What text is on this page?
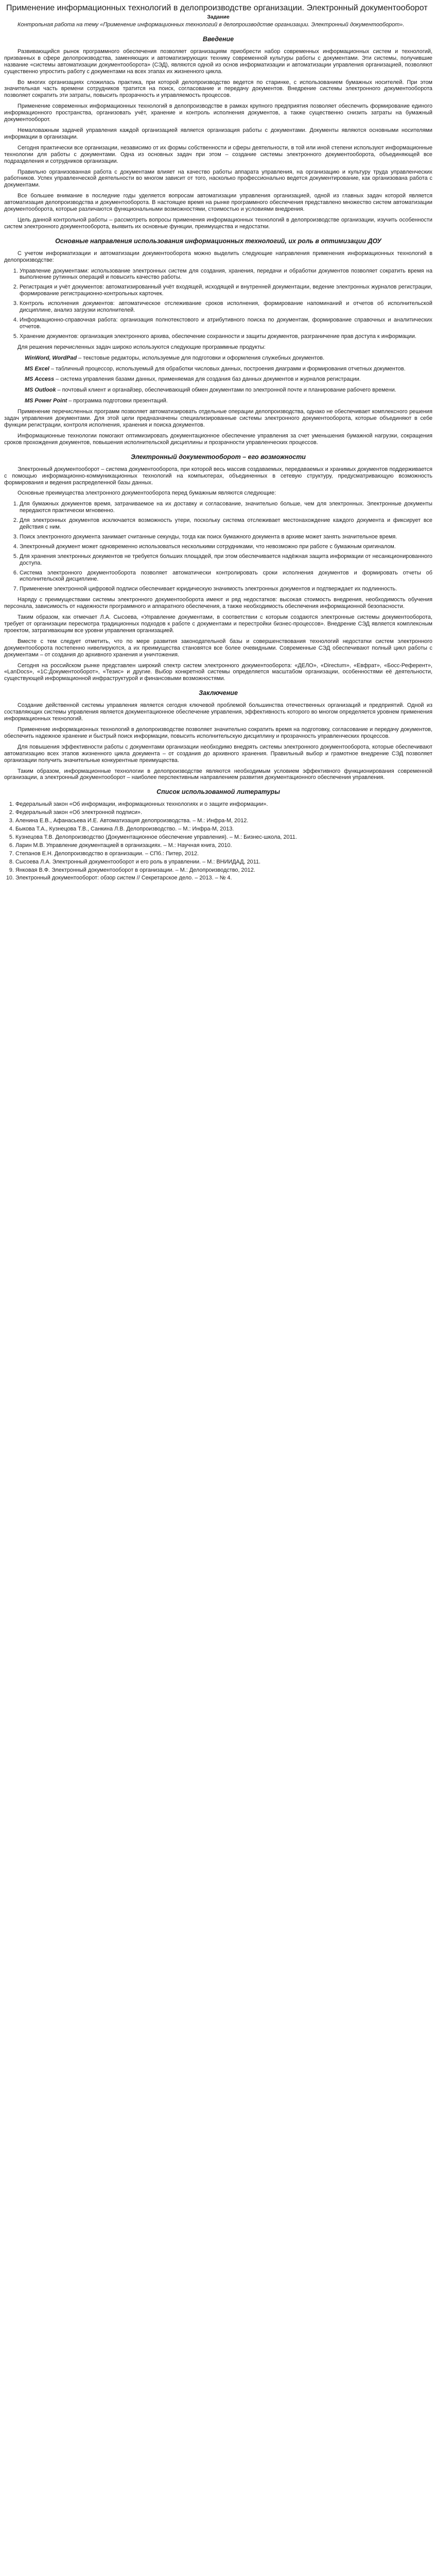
Применение информационных технологий в делопроизводстве организации. Электронный документооборот
Задание

Контрольная работа на тему «Применение информационных технологий в делопроизводстве организации. Электронный документооборот».

Введение

Развивающийся рынок программного обеспечения позволяет организациям приобрести набор современных информационных систем и технологий, призванных в сфере делопроизводства, заменяющих и автоматизирующих технику современной культуры работы с документами. Эти системы, получившие название «системы автоматизации документооборота» (СЭД), являются одной из основ информатизации и автоматизации управления организацией, позволяют существенно упростить работу с документами на всех этапах их жизненного цикла.

Во многих организациях сложилась практика, при которой делопроизводство ведется по старинке, с использованием бумажных носителей. При этом значительная часть времени сотрудников тратится на поиск, согласование и передачу документов. Внедрение системы электронного документооборота позволяет сократить эти затраты, повысить прозрачность и управляемость процессов.

Применение современных информационных технологий в делопроизводстве в рамках крупного предприятия позволяет обеспечить формирование единого информационного пространства, организовать учёт, хранение и контроль исполнения документов, а также существенно снизить затраты на бумажный документооборот.

Немаловажным задачей управления каждой организацией является организация работы с документами. Документы являются основными носителями информации в организации.

Сегодня практически все организации, независимо от их формы собственности и сферы деятельности, в той или иной степени используют информационные технологии для работы с документами. Одна из основных задач при этом – создание системы электронного документооборота, объединяющей все подразделения и сотрудников организации.

Правильно организованная работа с документами влияет на качество работы аппарата управления, на организацию и культуру труда управленческих работников. Успех управленческой деятельности во многом зависит от того, насколько профессионально ведется документирование, как организована работа с документами.

Все большее внимание в последние годы уделяется вопросам автоматизации управления организацией, одной из главных задач которой является автоматизация делопроизводства и документооборота. В настоящее время на рынке программного обеспечения представлено множество систем автоматизации документооборота, которые различаются функциональными возможностями, стоимостью и условиями внедрения.

Цель данной контрольной работы – рассмотреть вопросы применения информационных технологий в делопроизводстве организации, изучить особенности систем электронного документооборота, выявить их основные функции, преимущества и недостатки.

Основные направления использования информационных технологий, их роль в оптимизации ДОУ

С учетом информатизации и автоматизации документооборота можно выделить следующие направления применения информационных технологий в делопроизводстве:

1. Управление документами: использование электронных систем для создания, хранения, передачи и обработки документов позволяет сократить время на выполнение рутинных операций и повысить качество работы.
2. Регистрация и учёт документов: автоматизированный учёт входящей, исходящей и внутренней документации, ведение электронных журналов регистрации, формирование регистрационно-контрольных карточек.
3. Контроль исполнения документов: автоматическое отслеживание сроков исполнения, формирование напоминаний и отчетов об исполнительской дисциплине, анализ загрузки исполнителей.
4. Информационно-справочная работа: организация полнотекстового и атрибутивного поиска по документам, формирование справочных и аналитических отчетов.
5. Хранение документов: организация электронного архива, обеспечение сохранности и защиты документов, разграничение прав доступа к информации.

Для решения перечисленных задач широко используются следующие программные продукты:

WinWord, WordPad – текстовые редакторы, используемые для подготовки и оформления служебных документов.
MS Excel – табличный процессор, используемый для обработки числовых данных, построения диаграмм и формирования отчетных документов.
MS Access – система управления базами данных, применяемая для создания баз данных документов и журналов регистрации.
MS Outlook – почтовый клиент и органайзер, обеспечивающий обмен документами по электронной почте и планирование рабочего времени.
MS Power Point – программа подготовки презентаций.

Применение перечисленных программ позволяет автоматизировать отдельные операции делопроизводства, однако не обеспечивает комплексного решения задач управления документами. Для этой цели предназначены специализированные системы электронного документооборота, которые объединяют в себе функции регистрации, контроля исполнения, хранения и поиска документов.

Информационные технологии помогают оптимизировать документационное обеспечение управления за счет уменьшения бумажной нагрузки, сокращения сроков прохождения документов, повышения исполнительской дисциплины и прозрачности управленческих процессов.

Электронный документооборот – его возможности

Электронный документооборот – система документооборота, при которой весь массив создаваемых, передаваемых и хранимых документов поддерживается с помощью информационно-коммуникационных технологий на компьютерах, объединенных в сетевую структуру, предусматривающую возможность формирования и ведения распределенной базы данных.

Основные преимущества электронного документооборота перед бумажным являются следующие:

1. Для бумажных документов время, затрачиваемое на их доставку и согласование, значительно больше, чем для электронных. Электронные документы передаются практически мгновенно.
2. Для электронных документов исключается возможность утери, поскольку система отслеживает местонахождение каждого документа и фиксирует все действия с ним.
3. Поиск электронного документа занимает считанные секунды, тогда как поиск бумажного документа в архиве может занять значительное время.
4. Электронный документ может одновременно использоваться несколькими сотрудниками, что невозможно при работе с бумажным оригиналом.
5. Для хранения электронных документов не требуется больших площадей, при этом обеспечивается надёжная защита информации от несанкционированного доступа.
6. Система электронного документооборота позволяет автоматически контролировать сроки исполнения документов и формировать отчеты об исполнительской дисциплине.
7. Применение электронной цифровой подписи обеспечивает юридическую значимость электронных документов и подтверждает их подлинность.

Наряду с преимуществами системы электронного документооборота имеют и ряд недостатков: высокая стоимость внедрения, необходимость обучения персонала, зависимость от надежности программного и аппаратного обеспечения, а также необходимость обеспечения информационной безопасности.

Таким образом, как отмечает Л.А. Сысоева, «Управление документами, в соответствии с которым создаются электронные системы документооборота, требует от организации пересмотра традиционных подходов к работе с документами и перестройки бизнес-процессов». Внедрение СЭД является комплексным проектом, затрагивающим все уровни управления организацией.

Вместе с тем следует отметить, что по мере развития законодательной базы и совершенствования технологий недостатки систем электронного документооборота постепенно нивелируются, а их преимущества становятся все более очевидными. Современные СЭД обеспечивают полный цикл работы с документами – от создания до архивного хранения и уничтожения.

Сегодня на российском рынке представлен широкий спектр систем электронного документооборота: «ДЕЛО», «Directum», «Евфрат», «Босс-Референт», «LanDocs», «1С:Документооборот», «Тезис» и другие. Выбор конкретной системы определяется масштабом организации, особенностями её деятельности, существующей информационной инфраструктурой и финансовыми возможностями.

Заключение

Создание действенной системы управления является сегодня ключевой проблемой большинства отечественных организаций и предприятий. Одной из составляющих системы управления является документационное обеспечение управления, эффективность которого во многом определяется уровнем применения информационных технологий.

Применение информационных технологий в делопроизводстве позволяет значительно сократить время на подготовку, согласование и передачу документов, обеспечить надежное хранение и быстрый поиск информации, повысить исполнительскую дисциплину и прозрачность управленческих процессов.

Для повышения эффективности работы с документами организации необходимо внедрять системы электронного документооборота, которые обеспечивают автоматизацию всех этапов жизненного цикла документа – от создания до архивного хранения. Правильный выбор и грамотное внедрение СЭД позволяет организации получить значительные конкурентные преимущества.

Таким образом, информационные технологии в делопроизводстве являются необходимым условием эффективного функционирования современной организации, а электронный документооборот – наиболее перспективным направлением развития документационного обеспечения управления.

Список использованной литературы
1. Федеральный закон «Об информации, информационных технологиях и о защите информации».
2. Федеральный закон «Об электронной подписи».
3. Аленина Е.В., Афанасьева И.Е. Автоматизация делопроизводства. – М.: Инфра-М, 2012.
4. Быкова Т.А., Кузнецова Т.В., Санкина Л.В. Делопроизводство. – М.: Инфра-М, 2013.
5. Кузнецова Т.В. Делопроизводство (Документационное обеспечение управления). – М.: Бизнес-школа, 2011.
6. Ларин М.В. Управление документацией в организациях. – М.: Научная книга, 2010.
7. Степанов Е.Н. Делопроизводство в организации. – СПб.: Питер, 2012.
8. Сысоева Л.А. Электронный документооборот и его роль в управлении. – М.: ВНИИДАД, 2011.
9. Янковая В.Ф. Электронный документооборот в организации. – М.: Делопроизводство, 2012.
10. Электронный документооборот: обзор систем // Секретарское дело. – 2013. – № 4.
